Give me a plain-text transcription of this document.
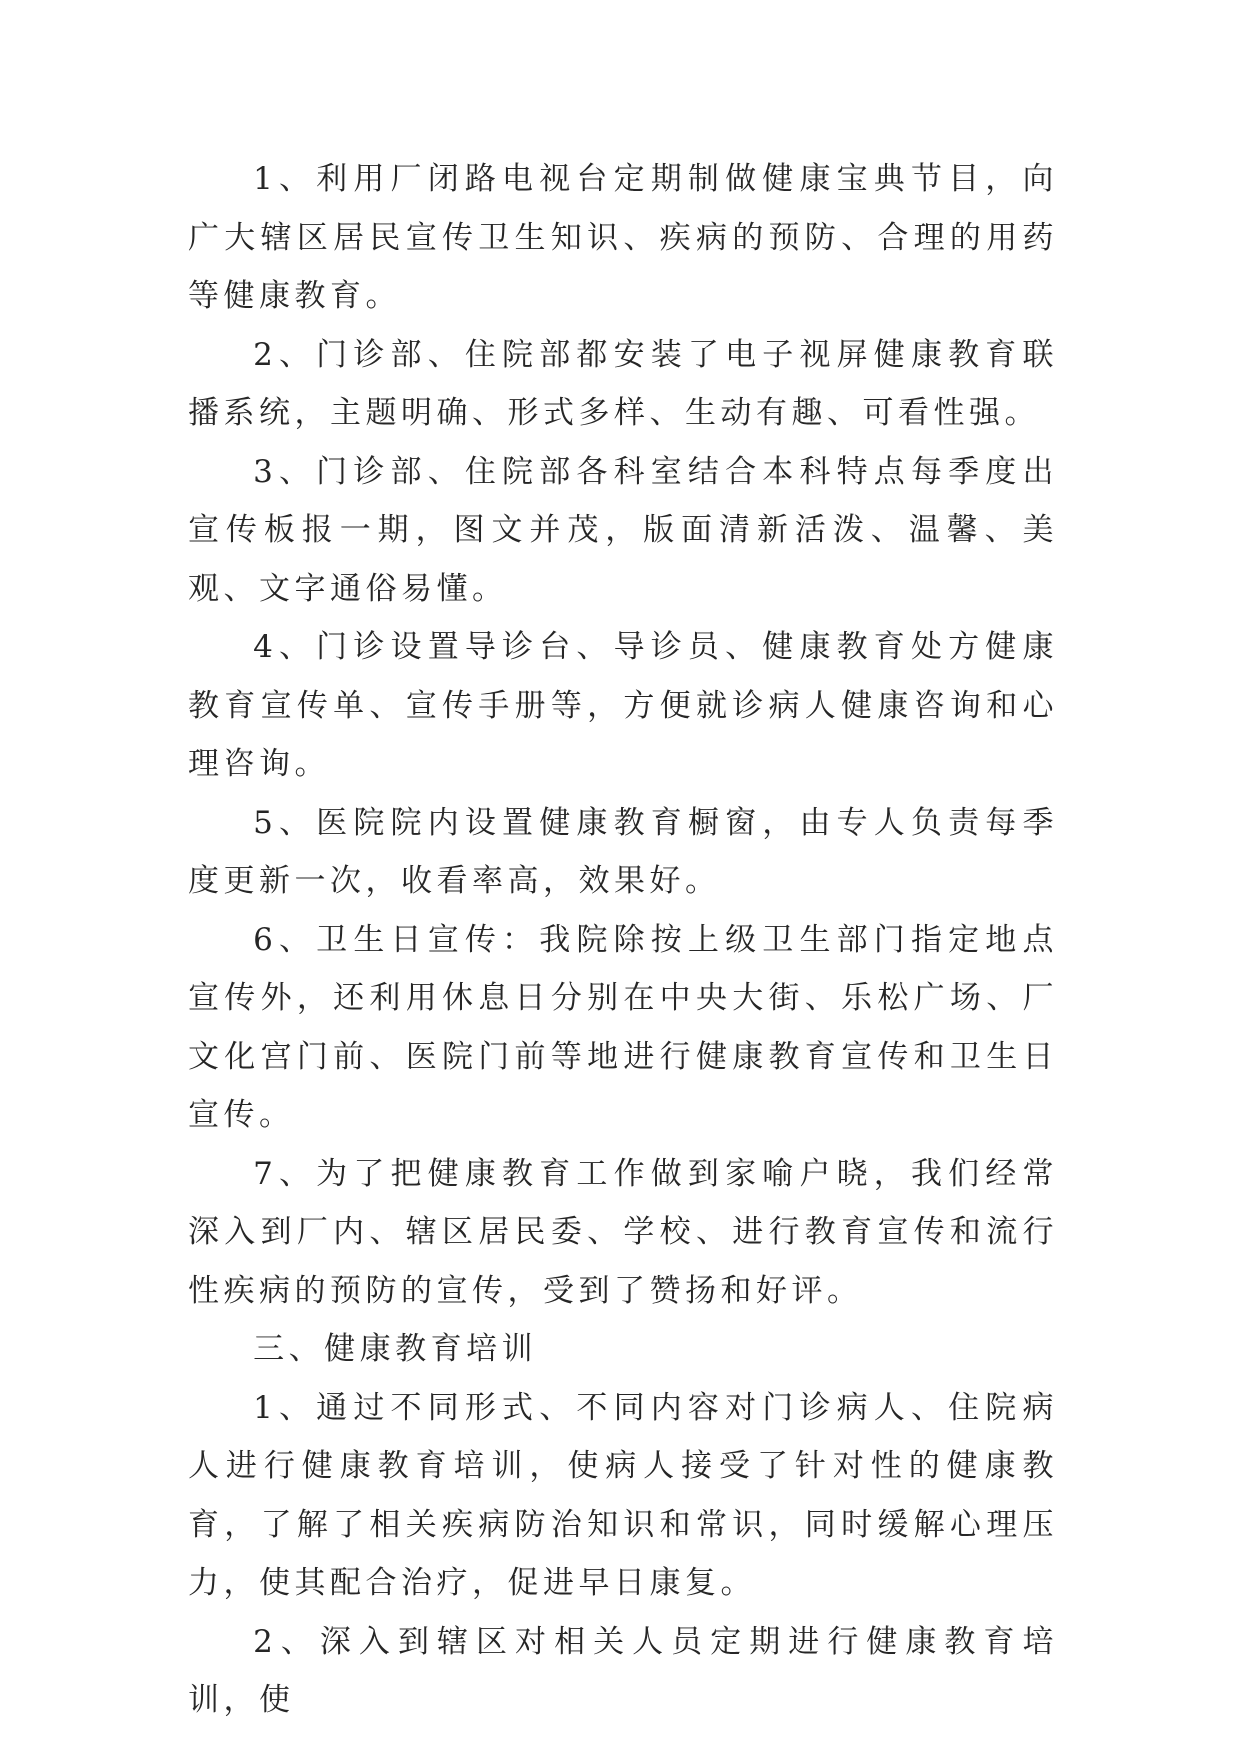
1、利用厂闭路电视台定期制做健康宝典节目，向广大辖区居民宣传卫生知识、疾病的预防、合理的用药等健康教育。

2、门诊部、住院部都安装了电子视屏健康教育联播系统，主题明确、形式多样、生动有趣、可看性强。

3、门诊部、住院部各科室结合本科特点每季度出宣传板报一期，图文并茂，版面清新活泼、温馨、美观、文字通俗易懂。

4、门诊设置导诊台、导诊员、健康教育处方健康教育宣传单、宣传手册等，方便就诊病人健康咨询和心理咨询。

5、医院院内设置健康教育橱窗，由专人负责每季度更新一次，收看率高，效果好。

6、卫生日宣传：我院除按上级卫生部门指定地点宣传外，还利用休息日分别在中央大街、乐松广场、厂文化宫门前、医院门前等地进行健康教育宣传和卫生日宣传。

7、为了把健康教育工作做到家喻户晓，我们经常深入到厂内、辖区居民委、学校、进行教育宣传和流行性疾病的预防的宣传，受到了赞扬和好评。

三、健康教育培训

1、通过不同形式、不同内容对门诊病人、住院病人进行健康教育培训，使病人接受了针对性的健康教育，了解了相关疾病防治知识和常识，同时缓解心理压力，使其配合治疗，促进早日康复。

2、深入到辖区对相关人员定期进行健康教育培训，使
